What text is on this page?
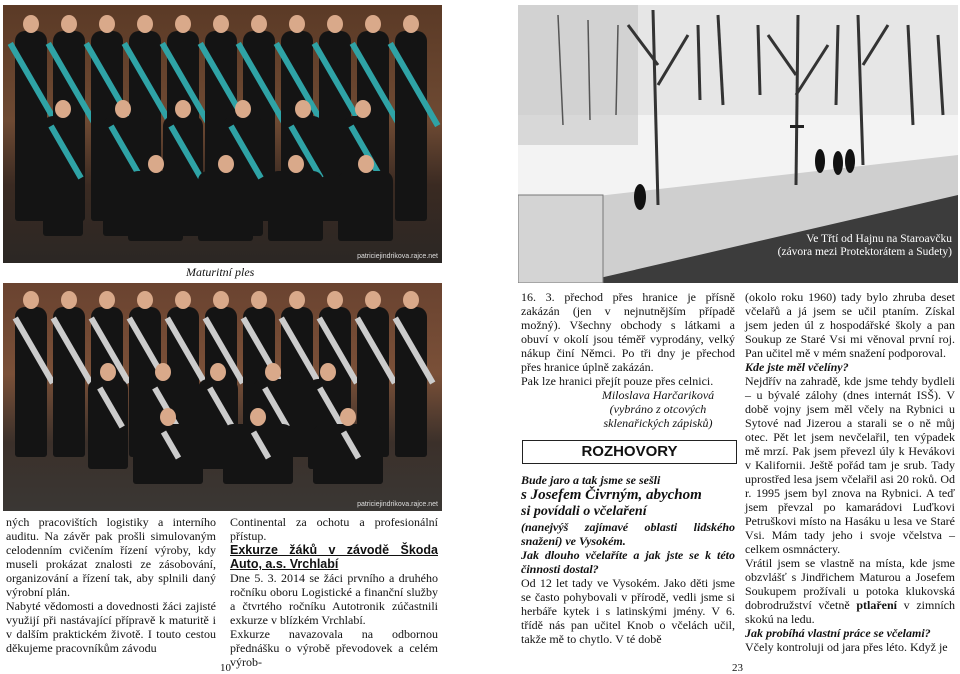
patriciejindrikova.rajce.net
Maturitní ples
patriciejindrikova.rajce.net
Ve Třtí od Hajnu na Staroavčku
(závora mezi Protektorátem a Sudety)

ných pracovištích logistiky a interního auditu. Na závěr pak prošli simulovaným celodenním cvičením řízení výroby, kdy museli prokázat znalosti ze zásobování, organizování a řízení tak, aby splnili daný výrobní plán.

Nabyté vědomosti a dovednosti žáci zajisté využijí při nastávající přípravě k maturitě i v dalším praktickém životě. I touto cestou děkujeme pracovníkům závodu

Continental za ochotu a profesionální přístup.

Exkurze žáků v závodě Škoda Auto, a.s. Vrchlabí

Dne 5. 3. 2014 se žáci prvního a druhého ročníku oboru Logistické a finanční služby a čtvrtého ročníku Autotronik zúčastnili exkurze v blízkém Vrchlabí.

Exkurze navazovala na odbornou přednášku o výrobě převodovek a celém výrob-

10

16. 3. přechod přes hranice je přísně zakázán (jen v nejnutnějším případě možný). Všechny obchody s látkami a obuví v okolí jsou téměř vyprodány, velký nákup činí Němci. Po tři dny je přechod přes hranice úplně zakázán.

Pak lze hranici přejít pouze přes celnici.

Miloslava Harčariková

(vybráno z otcových

sklenařických zápisků)

ROZHOVORY

Bude jaro a tak jsme se sešli

s Josefem Čivrným, abychom

si povídali o včelaření

(nanejvýš zajímavé oblasti lidského snažení) ve Vysokém.

Jak dlouho včelaříte a jak jste se k této činnosti dostal?

Od 12 let tady ve Vysokém. Jako děti jsme se často pohybovali v přírodě, vedli jsme si herbáře kytek i s latinskými jmény. V 6. třídě nás pan učitel Knob o včelách učil, takže mě to chytlo. V té době

(okolo roku 1960) tady bylo zhruba deset včelařů a já jsem se učil ptaním. Získal jsem jeden úl z hospodářské školy a pan Soukup ze Staré Vsi mi věnoval první roj. Pan učitel mě v mém snažení podporoval.

Kde jste měl včelíny?

Nejdřív na zahradě, kde jsme tehdy bydleli – u bývalé zálohy (dnes internát ISŠ). V době vojny jsem měl včely na Rybnici u Sytové nad Jizerou a starali se o ně můj otec. Pět let jsem nevčelařil, ten výpadek mě mrzí. Pak jsem převezl úly k Hevákovi v Kalifornii. Ještě pořád tam je srub. Tady uprostřed lesa jsem včelařil asi 20 roků. Od r. 1995 jsem byl znova na Rybnici. A teď jsem převzal po kamarádovi Luďkovi Petruškovi místo na Hasáku u lesa ve Staré Vsi. Mám tady jeho i svoje včelstva – celkem osmnáctery.

Vrátil jsem se vlastně na místa, kde jsme obzvlášť s Jindřichem Maturou a Josefem Soukupem prožívali u potoka klukovská dobrodružství včetně ptlaření v zimních skokú na ledu.

Jak probíhá vlastní práce se včelami?

Včely kontroluji od jara přes léto. Když je

23
